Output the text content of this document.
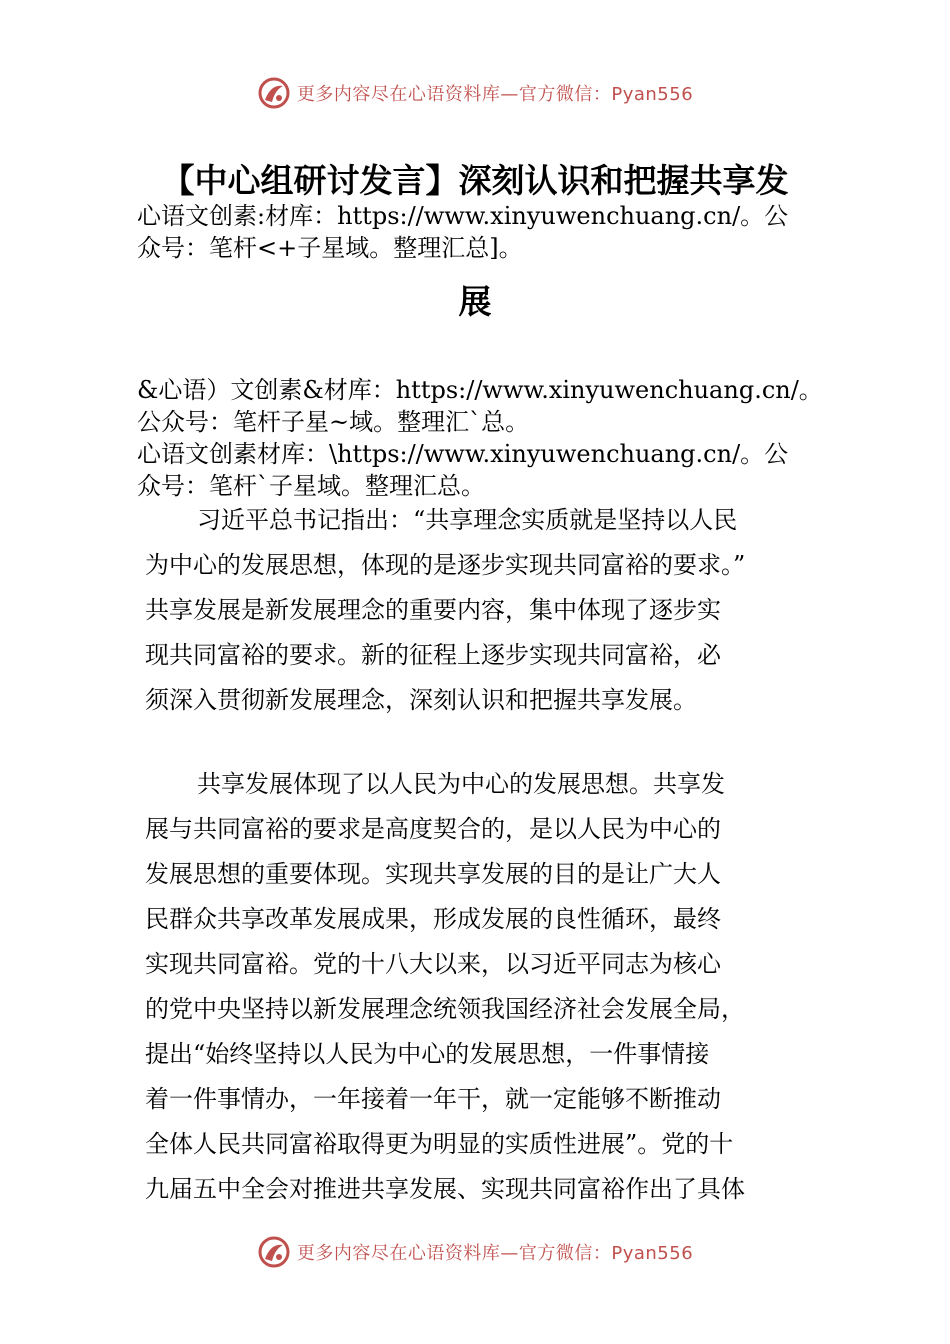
更多内容尽在心语资料库—官方微信：Pyan556
【中心组研讨发言】深刻认识和把握共享发
心语文创素:材库：https://www.xinyuwenchuang.cn/。公
众号：笔杆<+子星域。整理汇总]。
展
&心语）文创素&材库：https://www.xinyuwenchuang.cn/。
公众号：笔杆子星~域。整理汇`总。
心语文创素材库：\https://www.xinyuwenchuang.cn/。公
众号：笔杆`子星域。整理汇总。
习近平总书记指出：“共享理念实质就是坚持以人民
为中心的发展思想，体现的是逐步实现共同富裕的要求。”
共享发展是新发展理念的重要内容，集中体现了逐步实
现共同富裕的要求。新的征程上逐步实现共同富裕，必
须深入贯彻新发展理念，深刻认识和把握共享发展。
共享发展体现了以人民为中心的发展思想。共享发
展与共同富裕的要求是高度契合的，是以人民为中心的
发展思想的重要体现。实现共享发展的目的是让广大人
民群众共享改革发展成果，形成发展的良性循环，最终
实现共同富裕。党的十八大以来，以习近平同志为核心
的党中央坚持以新发展理念统领我国经济社会发展全局，
提出“始终坚持以人民为中心的发展思想，一件事情接
着一件事情办，一年接着一年干，就一定能够不断推动
全体人民共同富裕取得更为明显的实质性进展”。党的十
九届五中全会对推进共享发展、实现共同富裕作出了具体
更多内容尽在心语资料库—官方微信：Pyan556
